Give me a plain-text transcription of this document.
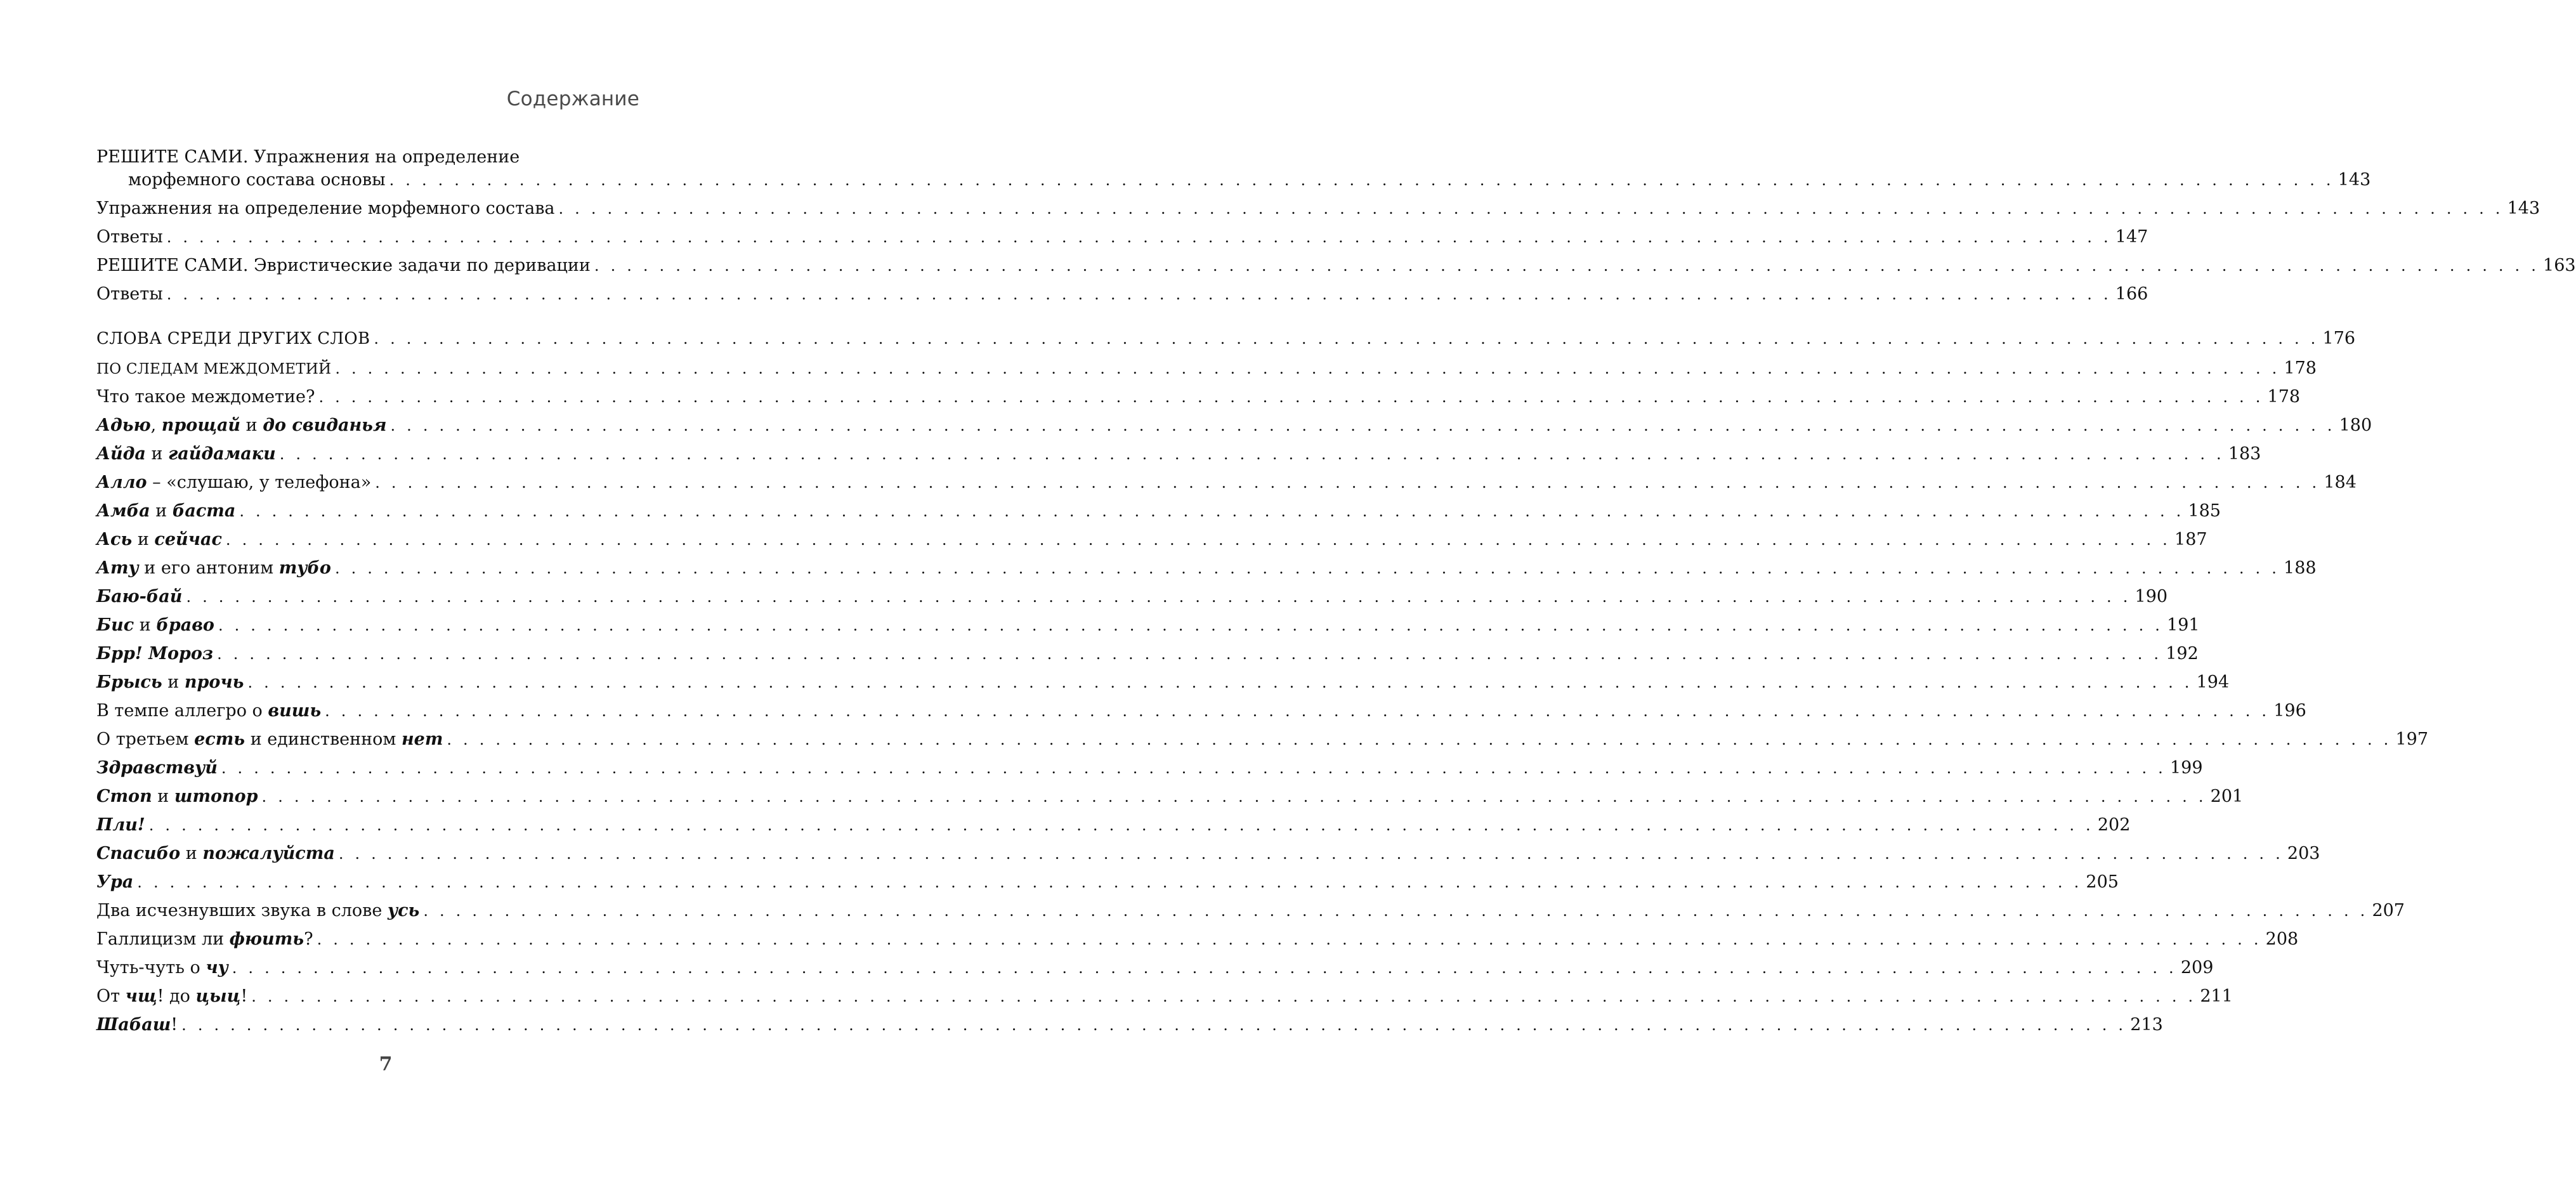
Содержание
РЕШИТЕ САМИ. Упражнения на определение
морфемного состава основы . . . . . . . . . . . . . . . . . . . . . . . . . . . . . . . . . . . . . . . . . . . . . . . . . . . . . . . . . . . . . . . . . . . . . . . . . . . . . . . . . . . . . . . . . . . . . . . . . . . . . . . . . . . . . . . . . . . . . . . . 143
Упражнения на определение морфемного состава . . . . . . . . . . . . . . . . . . . . . . . . . . . . . . . . . . . . . . . . . . . . . . . . . . . . . . . . . . . . . . . . . . . . . . . . . . . . . . . . . . . . . . . . . . . . . . . . . . . . . . . . . . . . . . . . . . . . . . . . 143
Ответы . . . . . . . . . . . . . . . . . . . . . . . . . . . . . . . . . . . . . . . . . . . . . . . . . . . . . . . . . . . . . . . . . . . . . . . . . . . . . . . . . . . . . . . . . . . . . . . . . . . . . . . . . . . . . . . . . . . . . . . . 147
РЕШИТЕ САМИ. Эвристические задачи по деривации . . . . . . . . . . . . . . . . . . . . . . . . . . . . . . . . . . . . . . . . . . . . . . . . . . . . . . . . . . . . . . . . . . . . . . . . . . . . . . . . . . . . . . . . . . . . . . . . . . . . . . . . . . . . . . . . . . . . . . . . 163
Ответы . . . . . . . . . . . . . . . . . . . . . . . . . . . . . . . . . . . . . . . . . . . . . . . . . . . . . . . . . . . . . . . . . . . . . . . . . . . . . . . . . . . . . . . . . . . . . . . . . . . . . . . . . . . . . . . . . . . . . . . . 166
СЛОВА СРЕДИ ДРУГИХ СЛОВ . . . . . . . . . . . . . . . . . . . . . . . . . . . . . . . . . . . . . . . . . . . . . . . . . . . . . . . . . . . . . . . . . . . . . . . . . . . . . . . . . . . . . . . . . . . . . . . . . . . . . . . . . . . . . . . . . . . . . . . . 176
ПО СЛЕДАМ МЕЖДОМЕТИЙ . . . . . . . . . . . . . . . . . . . . . . . . . . . . . . . . . . . . . . . . . . . . . . . . . . . . . . . . . . . . . . . . . . . . . . . . . . . . . . . . . . . . . . . . . . . . . . . . . . . . . . . . . . . . . . . . . . . . . . . . 178
Что такое междометие? . . . . . . . . . . . . . . . . . . . . . . . . . . . . . . . . . . . . . . . . . . . . . . . . . . . . . . . . . . . . . . . . . . . . . . . . . . . . . . . . . . . . . . . . . . . . . . . . . . . . . . . . . . . . . . . . . . . . . . . . 178
Адью, прощай и до свиданья . . . . . . . . . . . . . . . . . . . . . . . . . . . . . . . . . . . . . . . . . . . . . . . . . . . . . . . . . . . . . . . . . . . . . . . . . . . . . . . . . . . . . . . . . . . . . . . . . . . . . . . . . . . . . . . . . . . . . . . . 180
Айда и гайдамаки . . . . . . . . . . . . . . . . . . . . . . . . . . . . . . . . . . . . . . . . . . . . . . . . . . . . . . . . . . . . . . . . . . . . . . . . . . . . . . . . . . . . . . . . . . . . . . . . . . . . . . . . . . . . . . . . . . . . . . . . 183
Алло – «слушаю, у телефона» . . . . . . . . . . . . . . . . . . . . . . . . . . . . . . . . . . . . . . . . . . . . . . . . . . . . . . . . . . . . . . . . . . . . . . . . . . . . . . . . . . . . . . . . . . . . . . . . . . . . . . . . . . . . . . . . . . . . . . . . 184
Амба и баста . . . . . . . . . . . . . . . . . . . . . . . . . . . . . . . . . . . . . . . . . . . . . . . . . . . . . . . . . . . . . . . . . . . . . . . . . . . . . . . . . . . . . . . . . . . . . . . . . . . . . . . . . . . . . . . . . . . . . . . . 185
Ась и сейчас . . . . . . . . . . . . . . . . . . . . . . . . . . . . . . . . . . . . . . . . . . . . . . . . . . . . . . . . . . . . . . . . . . . . . . . . . . . . . . . . . . . . . . . . . . . . . . . . . . . . . . . . . . . . . . . . . . . . . . . . 187
Ату и его антоним тубо . . . . . . . . . . . . . . . . . . . . . . . . . . . . . . . . . . . . . . . . . . . . . . . . . . . . . . . . . . . . . . . . . . . . . . . . . . . . . . . . . . . . . . . . . . . . . . . . . . . . . . . . . . . . . . . . . . . . . . . . 188
Баю-бай . . . . . . . . . . . . . . . . . . . . . . . . . . . . . . . . . . . . . . . . . . . . . . . . . . . . . . . . . . . . . . . . . . . . . . . . . . . . . . . . . . . . . . . . . . . . . . . . . . . . . . . . . . . . . . . . . . . . . . . . 190
Бис и браво . . . . . . . . . . . . . . . . . . . . . . . . . . . . . . . . . . . . . . . . . . . . . . . . . . . . . . . . . . . . . . . . . . . . . . . . . . . . . . . . . . . . . . . . . . . . . . . . . . . . . . . . . . . . . . . . . . . . . . . . 191
Брр! Мороз . . . . . . . . . . . . . . . . . . . . . . . . . . . . . . . . . . . . . . . . . . . . . . . . . . . . . . . . . . . . . . . . . . . . . . . . . . . . . . . . . . . . . . . . . . . . . . . . . . . . . . . . . . . . . . . . . . . . . . . . 192
Брысь и прочь . . . . . . . . . . . . . . . . . . . . . . . . . . . . . . . . . . . . . . . . . . . . . . . . . . . . . . . . . . . . . . . . . . . . . . . . . . . . . . . . . . . . . . . . . . . . . . . . . . . . . . . . . . . . . . . . . . . . . . . . 194
В темпе аллегро о вишь . . . . . . . . . . . . . . . . . . . . . . . . . . . . . . . . . . . . . . . . . . . . . . . . . . . . . . . . . . . . . . . . . . . . . . . . . . . . . . . . . . . . . . . . . . . . . . . . . . . . . . . . . . . . . . . . . . . . . . . . 196
О третьем есть и единственном нет . . . . . . . . . . . . . . . . . . . . . . . . . . . . . . . . . . . . . . . . . . . . . . . . . . . . . . . . . . . . . . . . . . . . . . . . . . . . . . . . . . . . . . . . . . . . . . . . . . . . . . . . . . . . . . . . . . . . . . . . 197
Здравствуй . . . . . . . . . . . . . . . . . . . . . . . . . . . . . . . . . . . . . . . . . . . . . . . . . . . . . . . . . . . . . . . . . . . . . . . . . . . . . . . . . . . . . . . . . . . . . . . . . . . . . . . . . . . . . . . . . . . . . . . . 199
Стоп и штопор . . . . . . . . . . . . . . . . . . . . . . . . . . . . . . . . . . . . . . . . . . . . . . . . . . . . . . . . . . . . . . . . . . . . . . . . . . . . . . . . . . . . . . . . . . . . . . . . . . . . . . . . . . . . . . . . . . . . . . . . 201
Пли! . . . . . . . . . . . . . . . . . . . . . . . . . . . . . . . . . . . . . . . . . . . . . . . . . . . . . . . . . . . . . . . . . . . . . . . . . . . . . . . . . . . . . . . . . . . . . . . . . . . . . . . . . . . . . . . . . . . . . . . . 202
Спасибо и пожалуйста . . . . . . . . . . . . . . . . . . . . . . . . . . . . . . . . . . . . . . . . . . . . . . . . . . . . . . . . . . . . . . . . . . . . . . . . . . . . . . . . . . . . . . . . . . . . . . . . . . . . . . . . . . . . . . . . . . . . . . . . 203
Ура . . . . . . . . . . . . . . . . . . . . . . . . . . . . . . . . . . . . . . . . . . . . . . . . . . . . . . . . . . . . . . . . . . . . . . . . . . . . . . . . . . . . . . . . . . . . . . . . . . . . . . . . . . . . . . . . . . . . . . . . 205
Два исчезнувших звука в слове усь . . . . . . . . . . . . . . . . . . . . . . . . . . . . . . . . . . . . . . . . . . . . . . . . . . . . . . . . . . . . . . . . . . . . . . . . . . . . . . . . . . . . . . . . . . . . . . . . . . . . . . . . . . . . . . . . . . . . . . . . 207
Галлицизм ли фюить? . . . . . . . . . . . . . . . . . . . . . . . . . . . . . . . . . . . . . . . . . . . . . . . . . . . . . . . . . . . . . . . . . . . . . . . . . . . . . . . . . . . . . . . . . . . . . . . . . . . . . . . . . . . . . . . . . . . . . . . . 208
Чуть-чуть о чу . . . . . . . . . . . . . . . . . . . . . . . . . . . . . . . . . . . . . . . . . . . . . . . . . . . . . . . . . . . . . . . . . . . . . . . . . . . . . . . . . . . . . . . . . . . . . . . . . . . . . . . . . . . . . . . . . . . . . . . . 209
От чщ! до цыц! . . . . . . . . . . . . . . . . . . . . . . . . . . . . . . . . . . . . . . . . . . . . . . . . . . . . . . . . . . . . . . . . . . . . . . . . . . . . . . . . . . . . . . . . . . . . . . . . . . . . . . . . . . . . . . . . . . . . . . . . 211
Шабаш! . . . . . . . . . . . . . . . . . . . . . . . . . . . . . . . . . . . . . . . . . . . . . . . . . . . . . . . . . . . . . . . . . . . . . . . . . . . . . . . . . . . . . . . . . . . . . . . . . . . . . . . . . . . . . . . . . . . . . . . . 213
7
